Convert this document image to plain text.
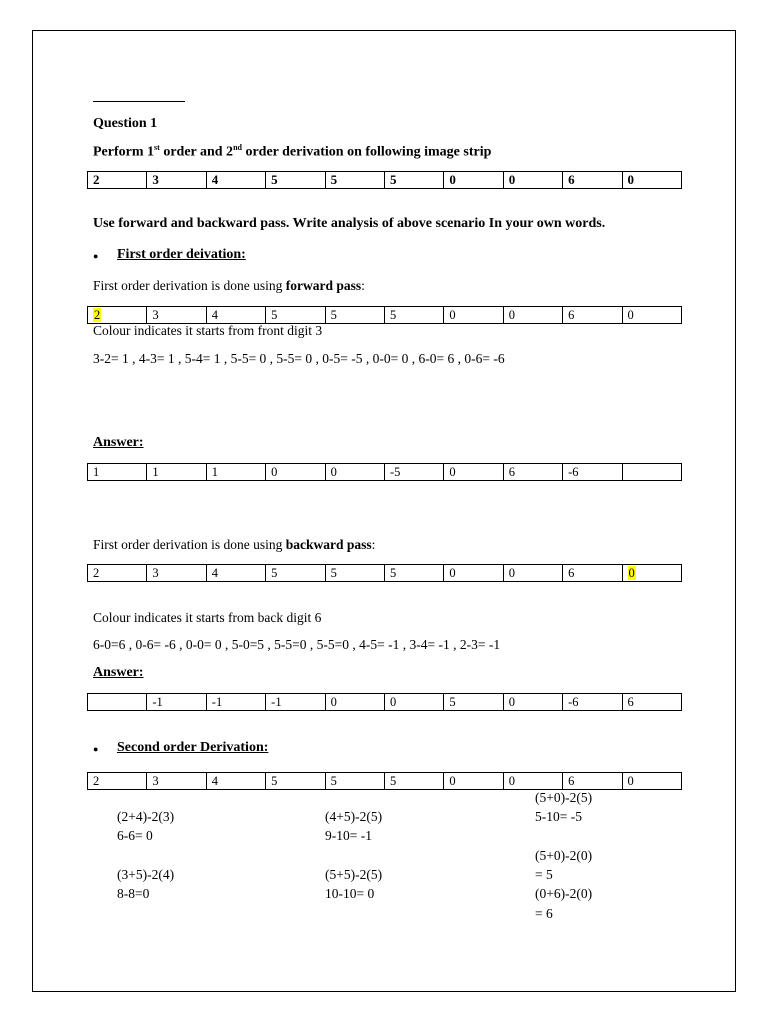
Question 1
Perform 1st order and 2nd order derivation on following image strip
2	3	4	5	5	5	0	0	6	0
Use forward and backward pass. Write analysis of above scenario In your own words.
● First order deivation:
First order derivation is done using forward pass:
2	3	4	5	5	5	0	0	6	0
Colour indicates it starts from front digit 3
3-2= 1 , 4-3= 1 , 5-4= 1 , 5-5= 0 , 5-5= 0 , 0-5= -5 , 0-0= 0 , 6-0= 6 , 0-6= -6
Answer:
1	1	1	0	0	-5	0	6	-6	
First order derivation is done using backward pass:
2	3	4	5	5	5	0	0	6	0
Colour indicates it starts from back digit 6
6-0=6 , 0-6= -6 , 0-0= 0 , 5-0=5 , 5-5=0 , 5-5=0 , 4-5= -1 , 3-4= -1 , 2-3= -1
Answer:
	-1	-1	-1	0	0	5	0	-6	6
● Second order Derivation:
2	3	4	5	5	5	0	0	6	0
(2+4)-2(3)
6-6= 0
(3+5)-2(4)
8-8=0
(4+5)-2(5)
9-10= -1
(5+5)-2(5)
10-10= 0
(5+0)-2(5)
5-10= -5
(5+0)-2(0)
= 5
(0+6)-2(0)
= 6
